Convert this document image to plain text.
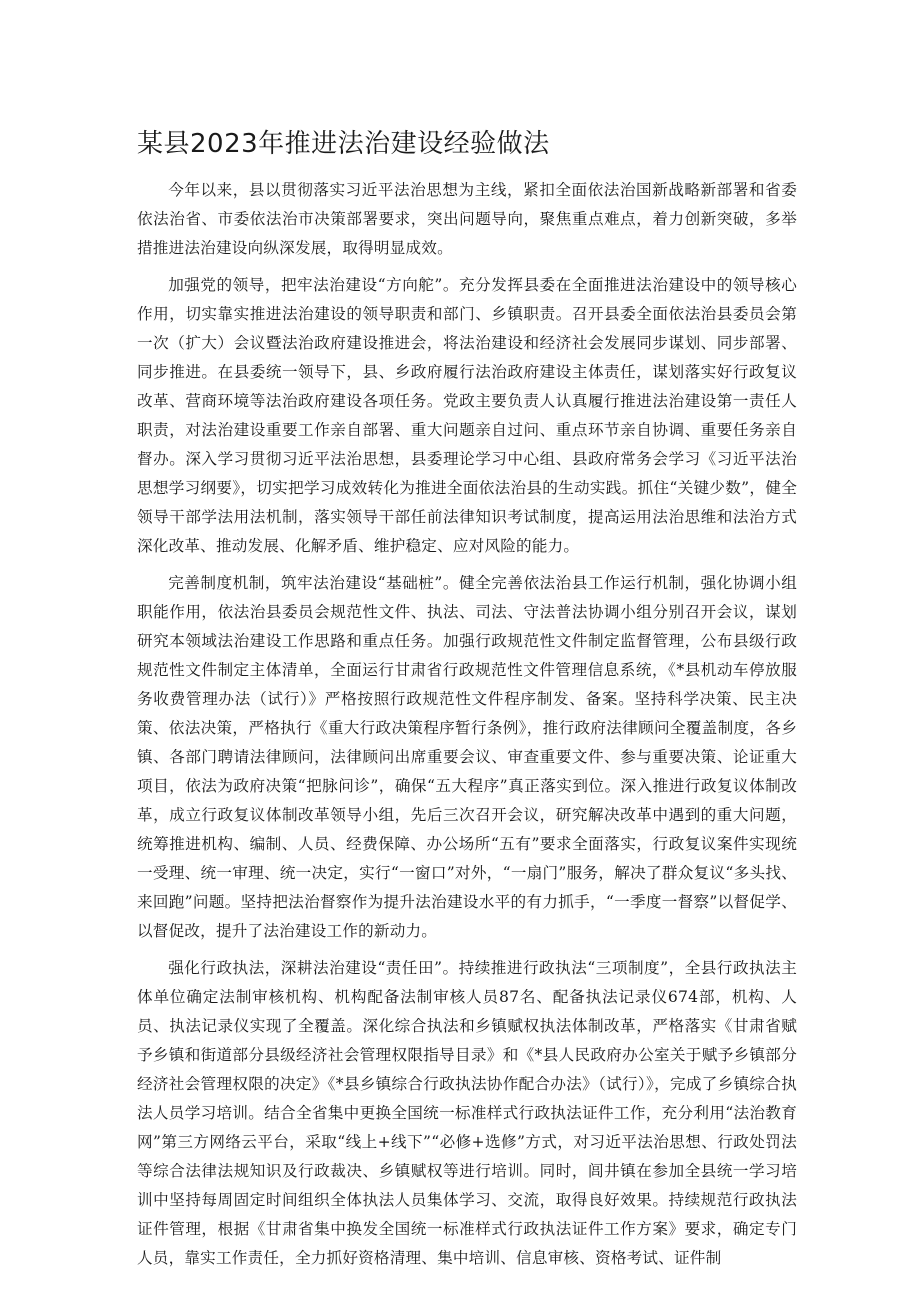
某县2023年推进法治建设经验做法

今年以来，县以贯彻落实习近平法治思想为主线，紧扣全面依法治国新战略新部署和省委依法治省、市委依法治市决策部署要求，突出问题导向，聚焦重点难点，着力创新突破，多举措推进法治建设向纵深发展，取得明显成效。

加强党的领导，把牢法治建设“方向舵”。充分发挥县委在全面推进法治建设中的领导核心作用，切实靠实推进法治建设的领导职责和部门、乡镇职责。召开县委全面依法治县委员会第一次（扩大）会议暨法治政府建设推进会，将法治建设和经济社会发展同步谋划、同步部署、同步推进。在县委统一领导下，县、乡政府履行法治政府建设主体责任，谋划落实好行政复议改革、营商环境等法治政府建设各项任务。党政主要负责人认真履行推进法治建设第一责任人职责，对法治建设重要工作亲自部署、重大问题亲自过问、重点环节亲自协调、重要任务亲自督办。深入学习贯彻习近平法治思想，县委理论学习中心组、县政府常务会学习《习近平法治思想学习纲要》，切实把学习成效转化为推进全面依法治县的生动实践。抓住“关键少数”，健全领导干部学法用法机制，落实领导干部任前法律知识考试制度，提高运用法治思维和法治方式深化改革、推动发展、化解矛盾、维护稳定、应对风险的能力。

完善制度机制，筑牢法治建设“基础桩”。健全完善依法治县工作运行机制，强化协调小组职能作用，依法治县委员会规范性文件、执法、司法、守法普法协调小组分别召开会议，谋划研究本领域法治建设工作思路和重点任务。加强行政规范性文件制定监督管理，公布县级行政规范性文件制定主体清单，全面运行甘肃省行政规范性文件管理信息系统，《*县机动车停放服务收费管理办法（试行）》严格按照行政规范性文件程序制发、备案。坚持科学决策、民主决策、依法决策，严格执行《重大行政决策程序暂行条例》，推行政府法律顾问全覆盖制度，各乡镇、各部门聘请法律顾问，法律顾问出席重要会议、审查重要文件、参与重要决策、论证重大项目，依法为政府决策“把脉问诊”，确保“五大程序”真正落实到位。深入推进行政复议体制改革，成立行政复议体制改革领导小组，先后三次召开会议，研究解决改革中遇到的重大问题，统筹推进机构、编制、人员、经费保障、办公场所“五有”要求全面落实，行政复议案件实现统一受理、统一审理、统一决定，实行“一窗口”对外，“一扇门”服务，解决了群众复议“多头找、来回跑”问题。坚持把法治督察作为提升法治建设水平的有力抓手，“一季度一督察”以督促学、以督促改，提升了法治建设工作的新动力。

强化行政执法，深耕法治建设“责任田”。持续推进行政执法“三项制度”，全县行政执法主体单位确定法制审核机构、机构配备法制审核人员87名、配备执法记录仪674部，机构、人员、执法记录仪实现了全覆盖。深化综合执法和乡镇赋权执法体制改革，严格落实《甘肃省赋予乡镇和街道部分县级经济社会管理权限指导目录》和《*县人民政府办公室关于赋予乡镇部分经济社会管理权限的决定》《*县乡镇综合行政执法协作配合办法》（试行）》，完成了乡镇综合执法人员学习培训。结合全省集中更换全国统一标准样式行政执法证件工作，充分利用“法治教育网”第三方网络云平台，采取“线上+线下”“必修+选修”方式，对习近平法治思想、行政处罚法等综合法律法规知识及行政裁决、乡镇赋权等进行培训。同时，闾井镇在参加全县统一学习培训中坚持每周固定时间组织全体执法人员集体学习、交流，取得良好效果。持续规范行政执法证件管理，根据《甘肃省集中换发全国统一标准样式行政执法证件工作方案》要求，确定专门人员，靠实工作责任，全力抓好资格清理、集中培训、信息审核、资格考试、证件制
